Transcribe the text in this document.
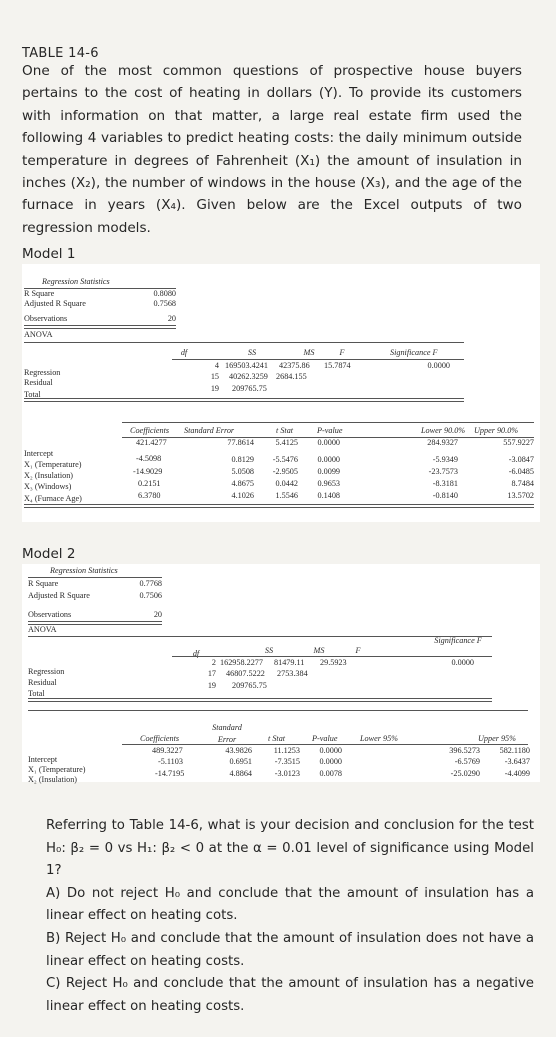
TABLE 14-6
One of the most common questions of prospective house buyers pertains to the cost of heating in dollars (Y). To provide its customers with information on that matter, a large real estate firm used the following 4 variables to predict heating costs: the daily minimum outside temperature in degrees of Fahrenheit (X₁) the amount of insulation in inches (X₂), the number of windows in the house (X₃), and the age of the furnace in years (X₄). Given below are the Excel outputs of two regression models.
Model 1
Regression Statistics
R Square	0.8080
Adjusted R Square	0.7568
Observations	20
ANOVA
df	SS	MS	F	Significance F
Regression
4 169503.4241 42375.86 15.7874	0.0000
Residual
15 40262.3259 2684.155
Total
19 209765.75
Coefficients Standard Error	t Stat	P-value	Lower 90.0% Upper 90.0%
Intercept
421.4277	77.8614	5.4125	0.0000	284.9327	557.9227
X₁ (Temperature)
-4.5098	0.8129	-5.5476	0.0000	-5.9349	-3.0847
X₂ (Insulation)	-14.9029	5.0508	-2.9505	0.0099	-23.7573	-6.0485
X₃ (Windows)	0.2151	4.8675	0.0442	0.9653	-8.3181	8.7484
X₄ (Furnace Age)	6.3780	4.1026	1.5546	0.1408	-0.8140	13.5702
Model 2
Regression Statistics
R Square	0.7768
Adjusted R Square	0.7506
Observations	20
ANOVA
Significance F
df	SS	MS	F
Regression
2 162958.2277 81479.11 29.5923	0.0000
Residual
17 46807.5222 2753.384
Total
19 209765.75
Coefficients
Standard Error	t Stat	P-value	Lower 95%	Upper 95%
Intercept
489.3227	43.9826	11.1253	0.0000	396.5273	582.1180
X₁ (Temperature)
-5.1103	0.6951	-7.3515	0.0000	-6.5769	-3.6437
X₂ (Insulation)
-14.7195	4.8864	-3.0123	0.0078	-25.0290	-4.4099

Referring to Table 14-6, what is your decision and conclusion for the test H₀: β₂ = 0 vs H₁: β₂ < 0 at the α = 0.01 level of significance using Model 1?

A) Do not reject H₀ and conclude that the amount of insulation has a linear effect on heating cots.

B) Reject H₀ and conclude that the amount of insulation does not have a linear effect on heating costs.

C) Reject H₀ and conclude that the amount of insulation has a negative linear effect on heating costs.
